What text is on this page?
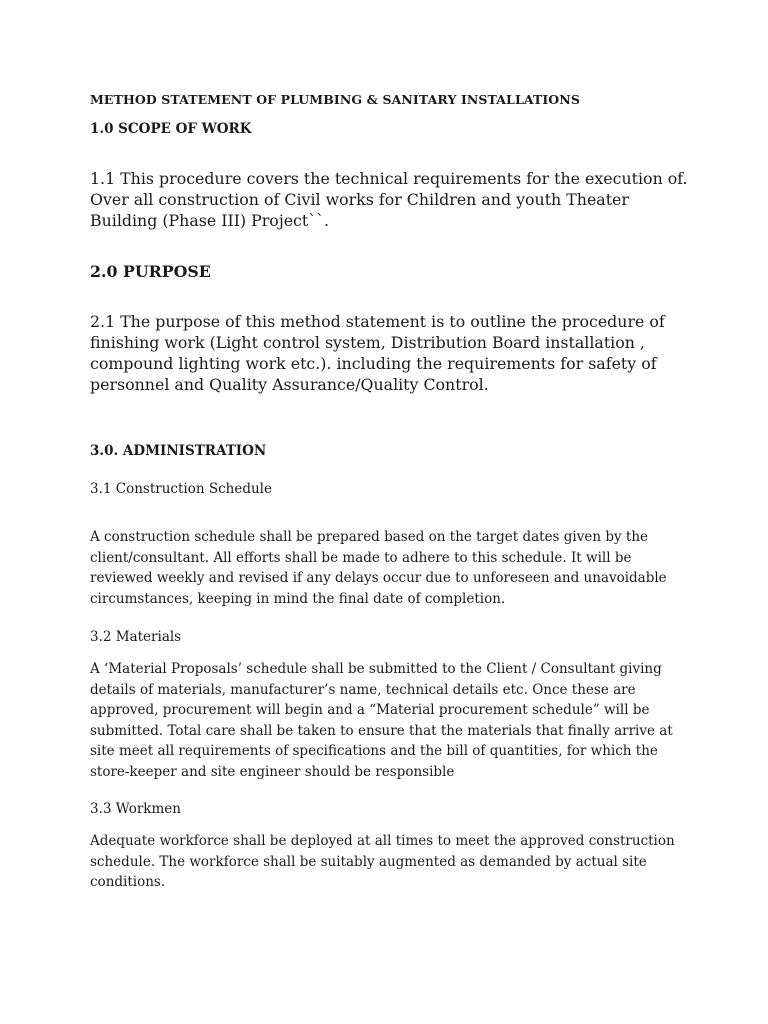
METHOD STATEMENT OF PLUMBING & SANITARY INSTALLATIONS

1.0 SCOPE OF WORK

1.1 This procedure covers the technical requirements for the execution of. Over all construction of Civil works for Children and youth Theater Building (Phase III) Project``.

2.0 PURPOSE

2.1 The purpose of this method statement is to outline the procedure of finishing work (Light control system, Distribution Board installation , compound lighting work etc.). including the requirements for safety of personnel and Quality Assurance/Quality Control.

3.0. ADMINISTRATION

3.1 Construction Schedule

A construction schedule shall be prepared based on the target dates given by the client/consultant. All efforts shall be made to adhere to this schedule. It will be reviewed weekly and revised if any delays occur due to unforeseen and unavoidable circumstances, keeping in mind the final date of completion.

3.2 Materials

A ‘Material Proposals’ schedule shall be submitted to the Client / Consultant giving details of materials, manufacturer’s name, technical details etc. Once these are approved, procurement will begin and a “Material procurement schedule” will be submitted. Total care shall be taken to ensure that the materials that finally arrive at site meet all requirements of specifications and the bill of quantities, for which the store-keeper and site engineer should be responsible

3.3 Workmen

Adequate workforce shall be deployed at all times to meet the approved construction schedule. The workforce shall be suitably augmented as demanded by actual site conditions.
